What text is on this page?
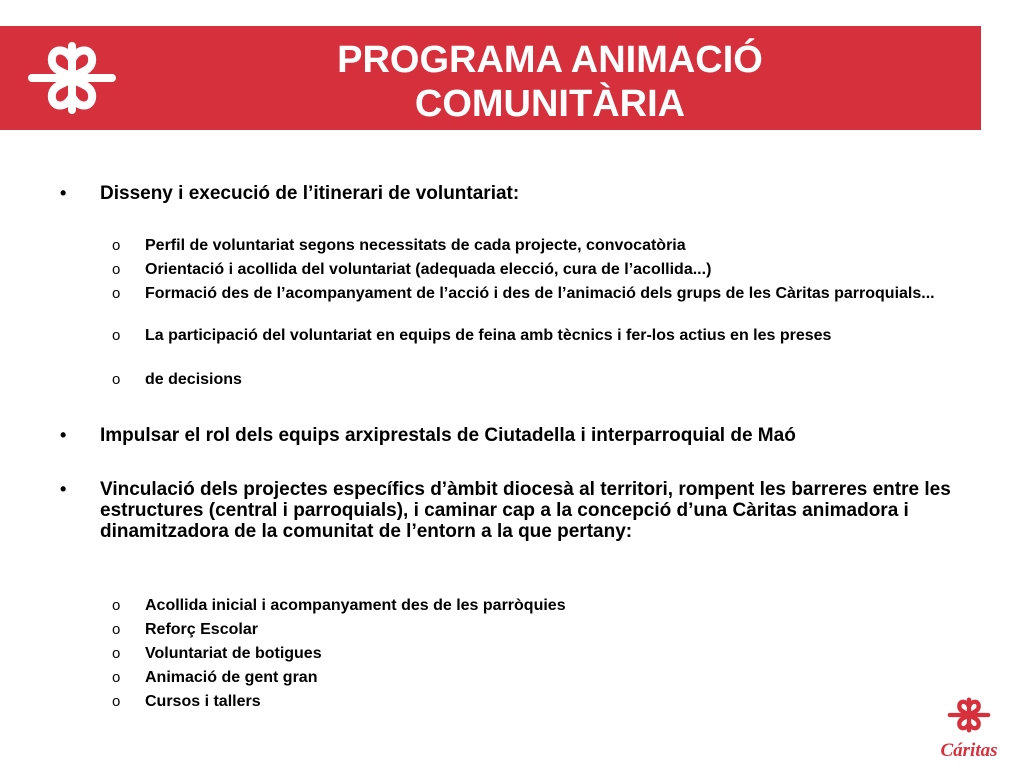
PROGRAMA ANIMACIÓ
COMUNITÀRIA
• Disseny i execució de l’itinerari de voluntariat:
o Perfil de voluntariat segons necessitats de cada projecte, convocatòria
o Orientació i acollida del voluntariat (adequada elecció, cura de l’acollida...)
o Formació des de l’acompanyament de l’acció i des de l’animació dels grups de les Càritas parroquials...
o La participació del voluntariat en equips de feina amb tècnics i fer-los actius en les preses
o de decisions
• Impulsar el rol dels equips arxiprestals de Ciutadella i interparroquial de Maó
• Vinculació dels projectes específics d’àmbit diocesà al territori, rompent les barreres entre les estructures (central i parroquials), i caminar cap a la concepció d’una Càritas animadora i dinamitzadora de la comunitat de l’entorn a la que pertany:
o Acollida inicial i acompanyament des de les parròquies
o Reforç Escolar
o Voluntariat de botigues
o Animació de gent gran
o Cursos i tallers
Cáritas
